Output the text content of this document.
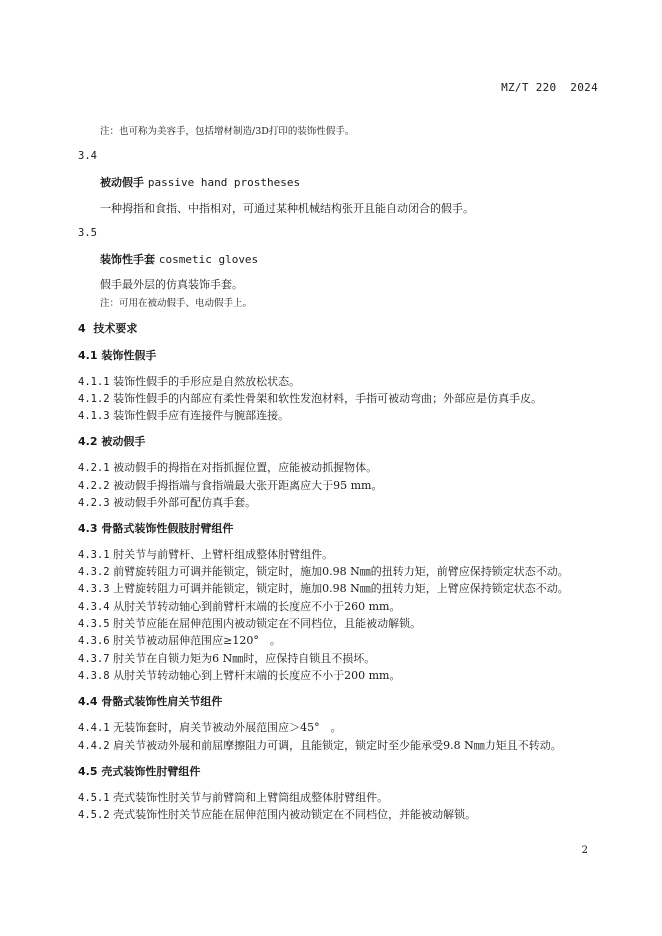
MZ/T 220  2024
注：也可称为美容手，包括增材制造/3D打印的装饰性假手。
3.4
被动假手 passive hand prostheses
一种拇指和食指、中指相对，可通过某种机械结构张开且能自动闭合的假手。
3.5
装饰性手套 cosmetic gloves
假手最外层的仿真装饰手套。
注：可用在被动假手、电动假手上。
4 技术要求
4.1 装饰性假手
4.1.1 装饰性假手的手形应是自然放松状态。
4.1.2 装饰性假手的内部应有柔性骨架和软性发泡材料，手指可被动弯曲；外部应是仿真手皮。
4.1.3 装饰性假手应有连接件与腕部连接。
4.2 被动假手
4.2.1 被动假手的拇指在对指抓握位置，应能被动抓握物体。
4.2.2 被动假手拇指端与食指端最大张开距离应大于95 mm。
4.2.3 被动假手外部可配仿真手套。
4.3 骨骼式装饰性假肢肘臂组件
4.3.1 肘关节与前臂杆、上臂杆组成整体肘臂组件。
4.3.2 前臂旋转阻力可调并能锁定，锁定时，施加0.98 N㎜的扭转力矩，前臂应保持锁定状态不动。
4.3.3 上臂旋转阻力可调并能锁定，锁定时，施加0.98 N㎜的扭转力矩，上臂应保持锁定状态不动。
4.3.4 从肘关节转动轴心到前臂杆末端的长度应不小于260 mm。
4.3.5 肘关节应能在屈伸范围内被动锁定在不同档位，且能被动解锁。
4.3.6 肘关节被动屈伸范围应≥120°　。
4.3.7 肘关节在自锁力矩为6 N㎜时，应保持自锁且不损坏。
4.3.8 从肘关节转动轴心到上臂杆末端的长度应不小于200 mm。
4.4 骨骼式装饰性肩关节组件
4.4.1 无装饰套时，肩关节被动外展范围应＞45°　。
4.4.2 肩关节被动外展和前屈摩擦阻力可调，且能锁定，锁定时至少能承受9.8 N㎜力矩且不转动。
4.5 壳式装饰性肘臂组件
4.5.1 壳式装饰性肘关节与前臂筒和上臂筒组成整体肘臂组件。
4.5.2 壳式装饰性肘关节应能在屈伸范围内被动锁定在不同档位，并能被动解锁。
2
